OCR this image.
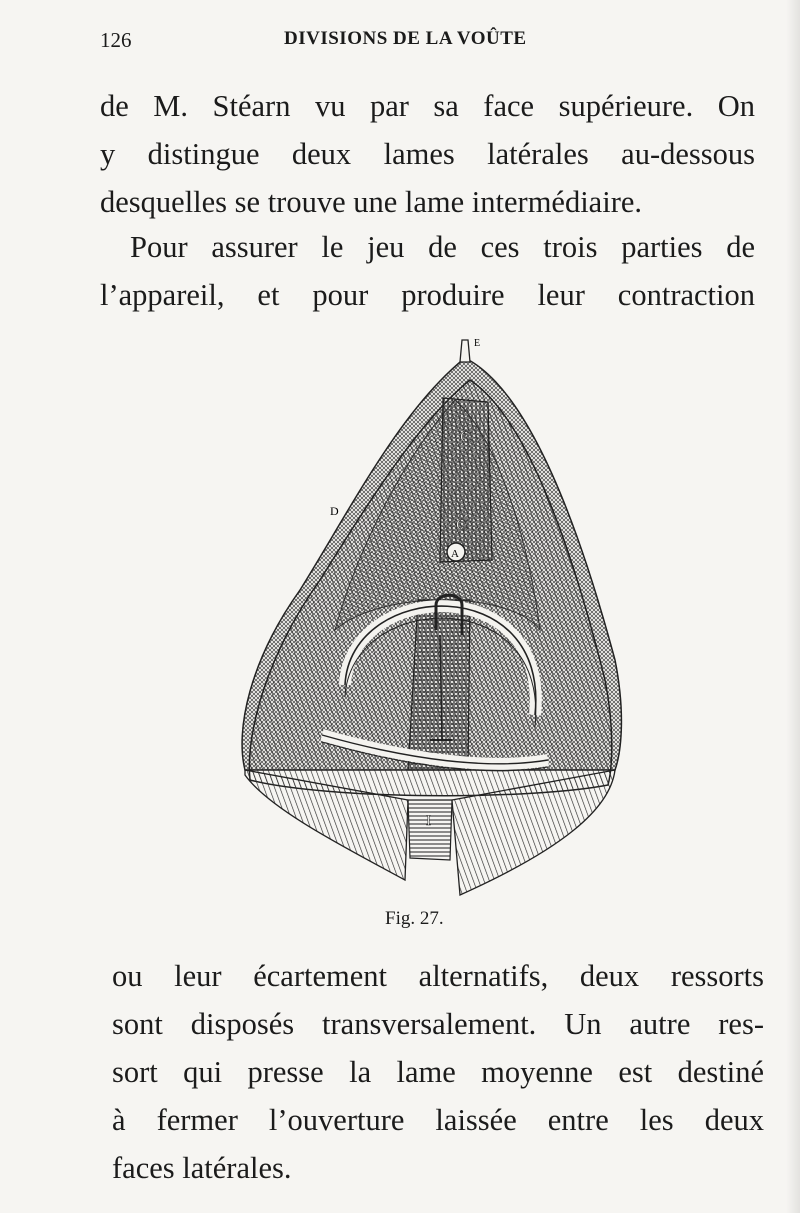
126	DIVISIONS DE LA VOÛTE

de M. Stéarn vu par sa face supérieure. On
y distingue deux lames latérales au-dessous
desquelles se trouve une lame intermédiaire.

Pour assurer le jeu de ces trois parties de
l’appareil, et pour produire leur contraction

E
D
C
C
A
I
Fig. 27.

ou leur écartement alternatifs, deux ressorts
sont disposés transversalement. Un autre res-
sort qui presse la lame moyenne est destiné
à fermer l’ouverture laissée entre les deux
faces latérales.
